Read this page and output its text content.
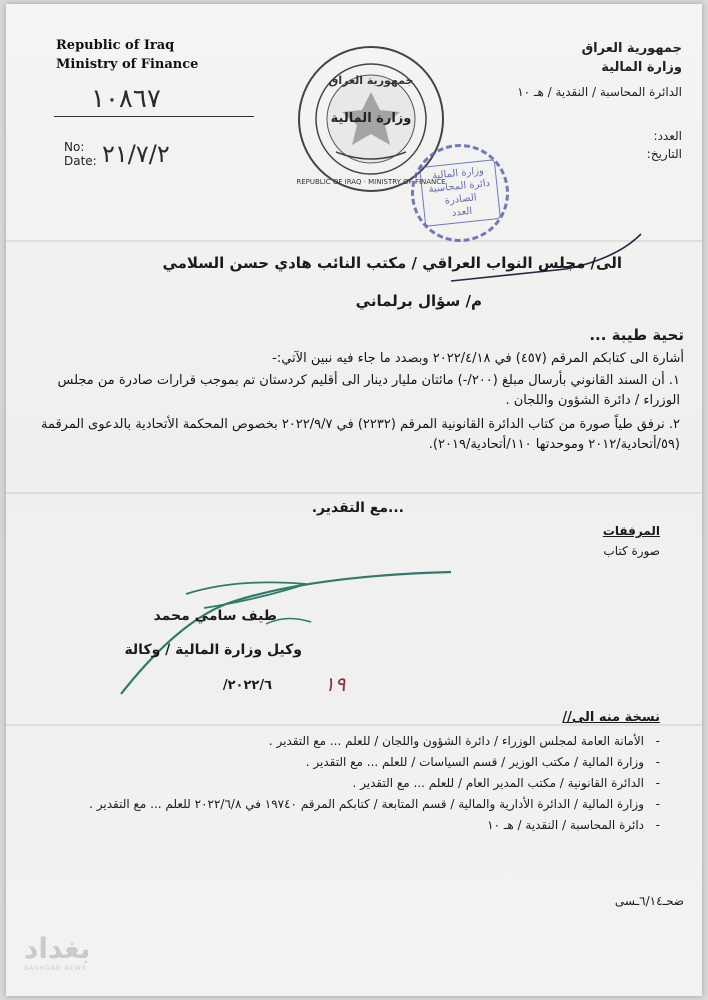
Republic of Iraq
Ministry of Finance
١٠٨٦٧
No:
Date: ٢١/٧/٢
جمهورية العراق
وزارة المالية
الدائرة المحاسبة / النقدية / هـ ١٠
العدد:
التاريخ:
جمهورية العراق
وزارة المالية
REPUBLIC OF IRAQ · MINISTRY OF FINANCE
وزارة المالية
دائرة المحاسبة
الصادرة
العدد
الى/ مجلس النواب العراقي / مكتب النائب هادي حسن السلامي
م/ سؤال برلماني
تحية طيبة ...
أشارة الى كتابكم المرقم (٤٥٧) في ٢٠٢٢/٤/١٨ وبصدد ما جاء فيه نبين الآتي:-
١. أن السند القانوني بأرسال مبلغ (٢٠٠/-) مائتان مليار دينار الى أقليم كردستان تم بموجب قرارات صادرة من مجلس الوزراء / دائرة الشؤون واللجان .
٢. نرفق طياً صورة من كتاب الدائرة القانونية المرقم (٢٢٣٢) في ٢٠٢٢/٩/٧ بخصوص المحكمة الأتحادية بالدعوى المرقمة (٥٩/أتحادية/٢٠١٢ وموحدتها ١١٠/أتحادية/٢٠١٩).
...مع التقدير.
المرفقات
صورة كتاب
طيف سامي محمد
وكيل وزارة المالية / وكالة
٢٠٢٢/٦/	١٩
نسخة منه الى//
- الأمانة العامة لمجلس الوزراء / دائرة الشؤون واللجان / للعلم ... مع التقدير .
- وزارة المالية / مكتب الوزير / قسم السياسات / للعلم ... مع التقدير .
- الدائرة القانونية / مكتب المدير العام / للعلم ... مع التقدير .
- وزارة المالية / الدائرة الأدارية والمالية / قسم المتابعة / كتابكم المرقم ١٩٧٤٠ في ٢٠٢٢/٦/٨ للعلم ... مع التقدير .
- دائرة المحاسبة / النقدية / هـ ١٠
ضحـ٦/١٤ـسى
بغداد
BAGHDAD NEWS
